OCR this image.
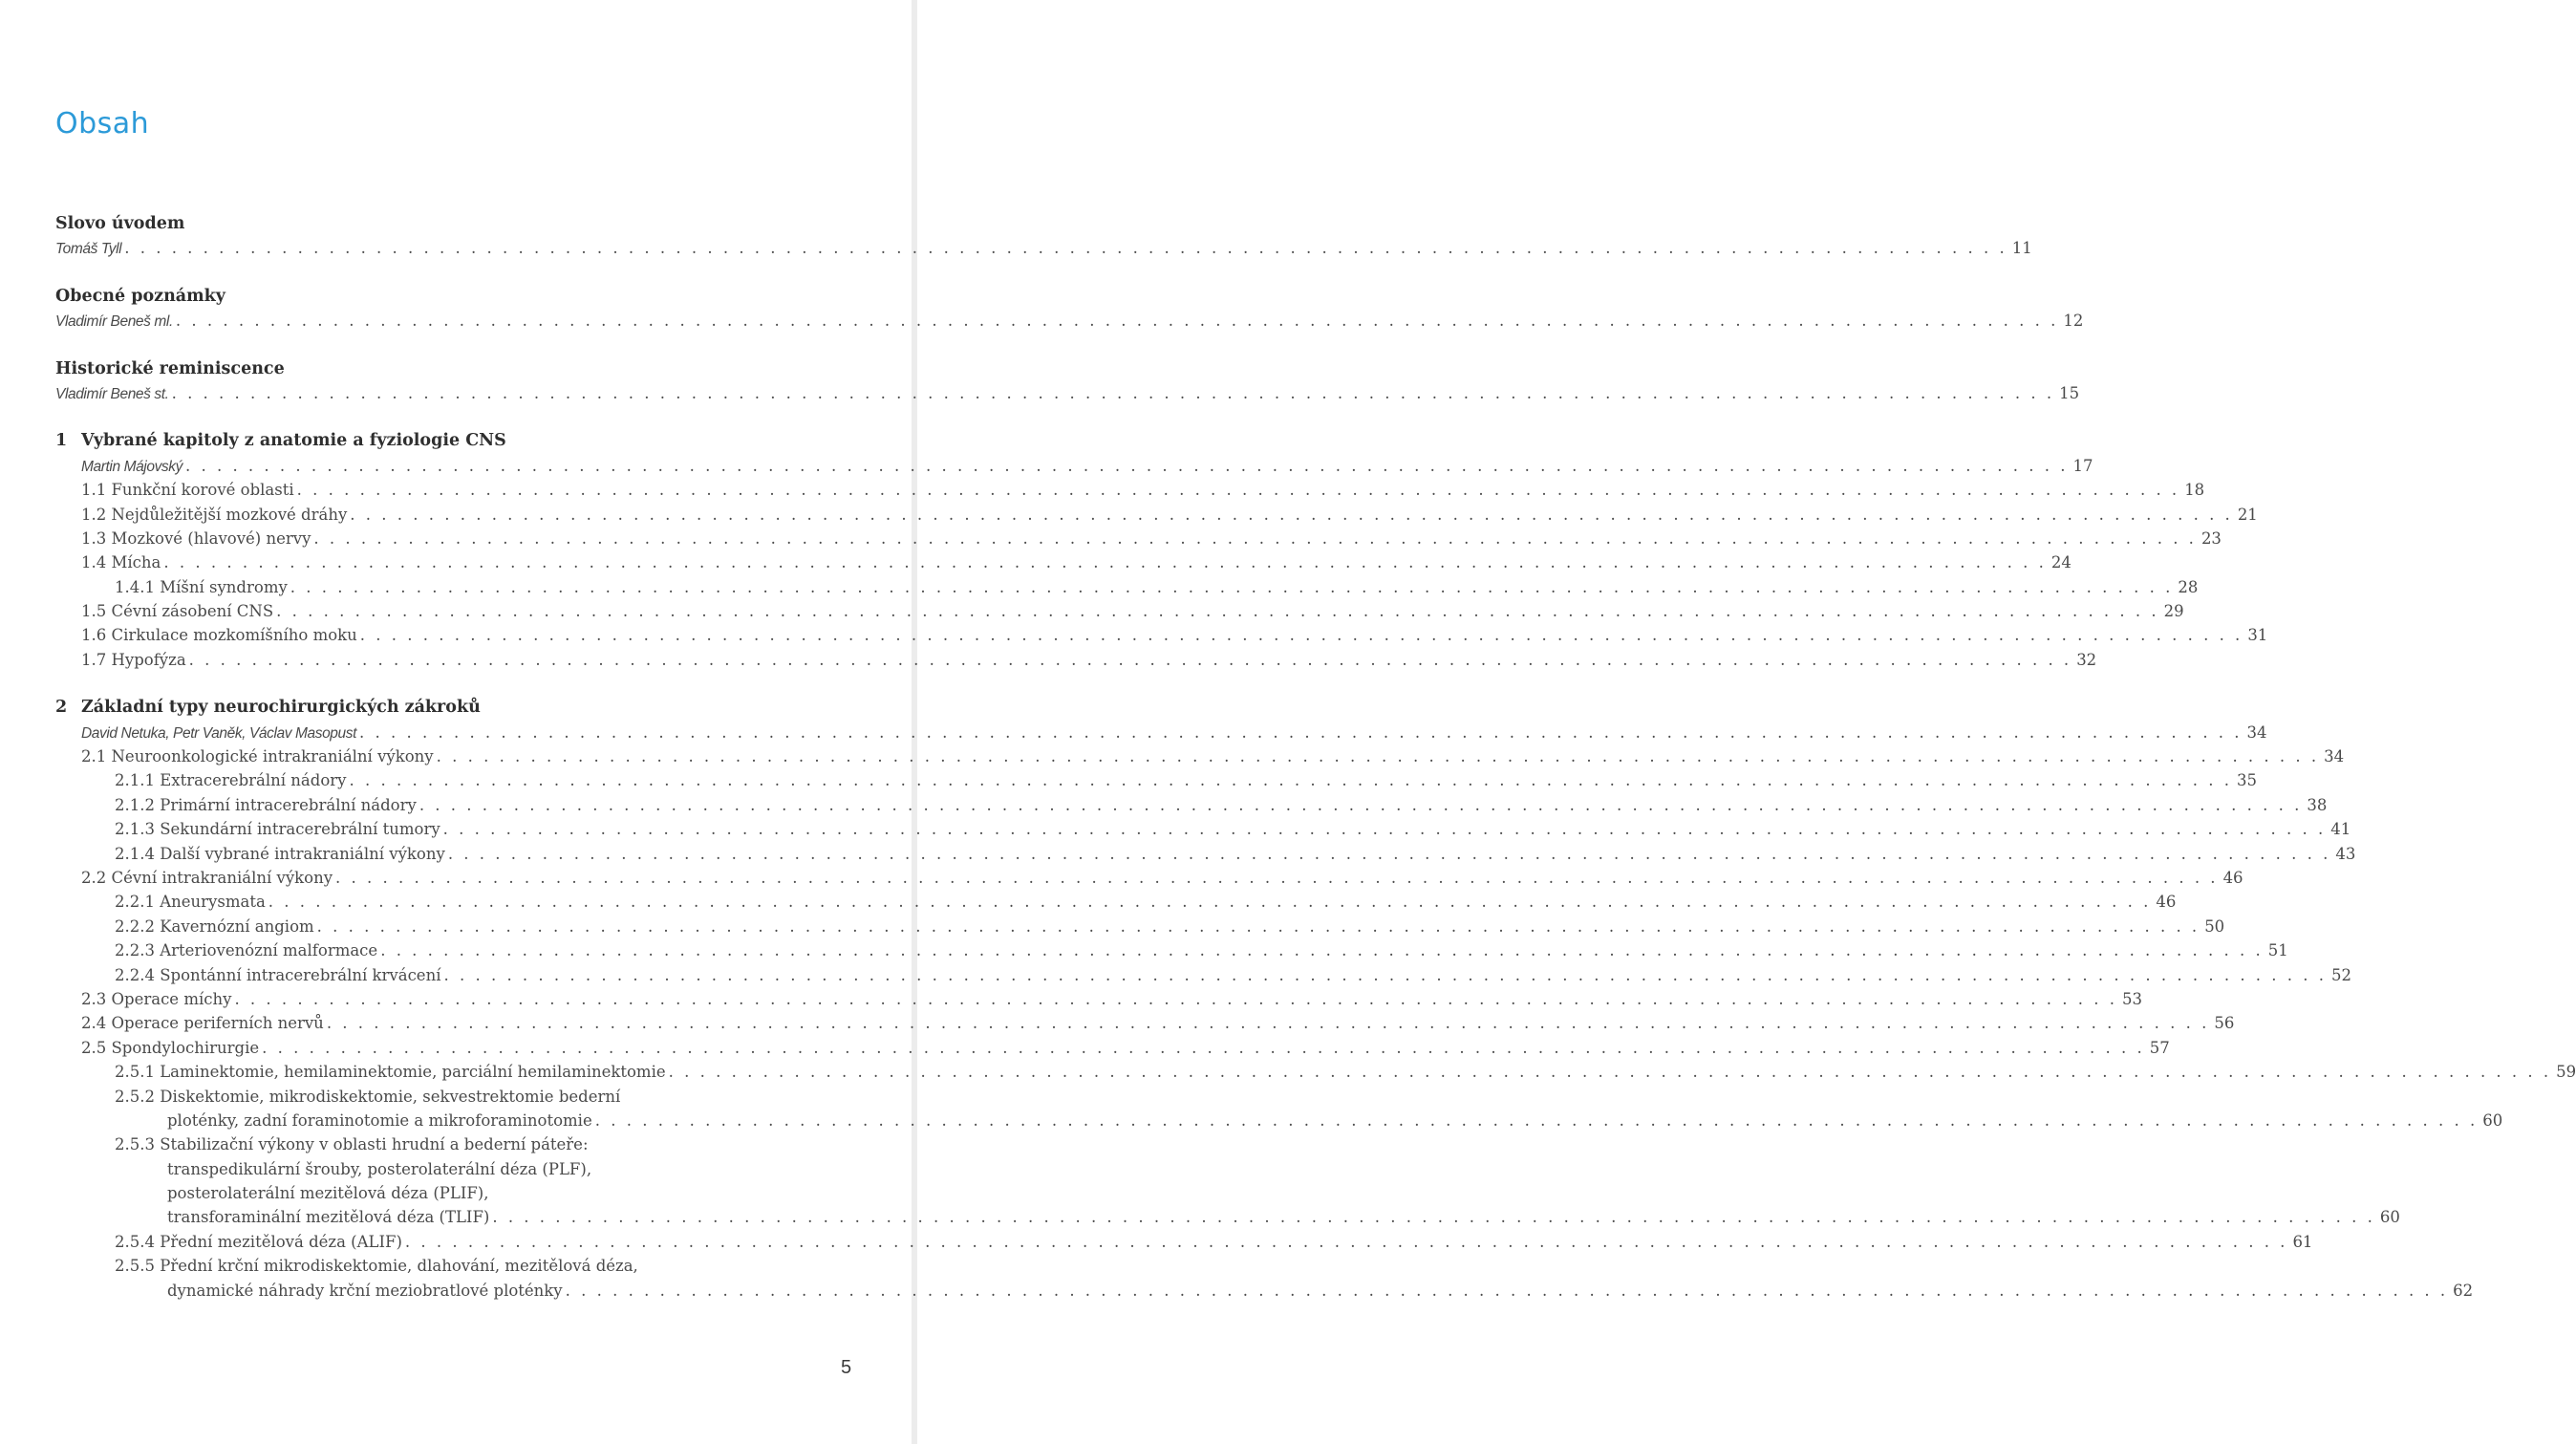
Obsah
Slovo úvodem
Tomáš Tyll . . . . . . . . . . . . . . . . . . . . . . . . . . . . . . . . . . . . . . . . . . . . . . . . . . . . . . . . . . . . . . . . . . . . . . . . . . . . . . . . . . . . . . . . . . . . . . . . . . . . . . . . . . . . . . . . . . . . . . . . 11
Obecné poznámky
Vladimír Beneš ml. . . . . . . . . . . . . . . . . . . . . . . . . . . . . . . . . . . . . . . . . . . . . . . . . . . . . . . . . . . . . . . . . . . . . . . . . . . . . . . . . . . . . . . . . . . . . . . . . . . . . . . . . . . . . . . . . . . . . . . . . 12
Historické reminiscence
Vladimír Beneš st. . . . . . . . . . . . . . . . . . . . . . . . . . . . . . . . . . . . . . . . . . . . . . . . . . . . . . . . . . . . . . . . . . . . . . . . . . . . . . . . . . . . . . . . . . . . . . . . . . . . . . . . . . . . . . . . . . . . . . . . . 15
1 Vybrané kapitoly z anatomie a fyziologie CNS
Martin Májovský . . . . . . . . . . . . . . . . . . . . . . . . . . . . . . . . . . . . . . . . . . . . . . . . . . . . . . . . . . . . . . . . . . . . . . . . . . . . . . . . . . . . . . . . . . . . . . . . . . . . . . . . . . . . . . . . . . . . . . . . 17
1.1 Funkční korové oblasti . . . . . . . . . . . . . . . . . . . . . . . . . . . . . . . . . . . . . . . . . . . . . . . . . . . . . . . . . . . . . . . . . . . . . . . . . . . . . . . . . . . . . . . . . . . . . . . . . . . . . . . . . . . . . . . . . . . . . . . . 18
1.2 Nejdůležitější mozkové dráhy . . . . . . . . . . . . . . . . . . . . . . . . . . . . . . . . . . . . . . . . . . . . . . . . . . . . . . . . . . . . . . . . . . . . . . . . . . . . . . . . . . . . . . . . . . . . . . . . . . . . . . . . . . . . . . . . . . . . . . . . 21
1.3 Mozkové (hlavové) nervy . . . . . . . . . . . . . . . . . . . . . . . . . . . . . . . . . . . . . . . . . . . . . . . . . . . . . . . . . . . . . . . . . . . . . . . . . . . . . . . . . . . . . . . . . . . . . . . . . . . . . . . . . . . . . . . . . . . . . . . . 23
1.4 Mícha . . . . . . . . . . . . . . . . . . . . . . . . . . . . . . . . . . . . . . . . . . . . . . . . . . . . . . . . . . . . . . . . . . . . . . . . . . . . . . . . . . . . . . . . . . . . . . . . . . . . . . . . . . . . . . . . . . . . . . . . 24
1.4.1 Míšní syndromy . . . . . . . . . . . . . . . . . . . . . . . . . . . . . . . . . . . . . . . . . . . . . . . . . . . . . . . . . . . . . . . . . . . . . . . . . . . . . . . . . . . . . . . . . . . . . . . . . . . . . . . . . . . . . . . . . . . . . . . . 28
1.5 Cévní zásobení CNS . . . . . . . . . . . . . . . . . . . . . . . . . . . . . . . . . . . . . . . . . . . . . . . . . . . . . . . . . . . . . . . . . . . . . . . . . . . . . . . . . . . . . . . . . . . . . . . . . . . . . . . . . . . . . . . . . . . . . . . . 29
1.6 Cirkulace mozkomíšního moku . . . . . . . . . . . . . . . . . . . . . . . . . . . . . . . . . . . . . . . . . . . . . . . . . . . . . . . . . . . . . . . . . . . . . . . . . . . . . . . . . . . . . . . . . . . . . . . . . . . . . . . . . . . . . . . . . . . . . . . . 31
1.7 Hypofýza . . . . . . . . . . . . . . . . . . . . . . . . . . . . . . . . . . . . . . . . . . . . . . . . . . . . . . . . . . . . . . . . . . . . . . . . . . . . . . . . . . . . . . . . . . . . . . . . . . . . . . . . . . . . . . . . . . . . . . . . 32
2 Základní typy neurochirurgických zákroků
David Netuka, Petr Vaněk, Václav Masopust . . . . . . . . . . . . . . . . . . . . . . . . . . . . . . . . . . . . . . . . . . . . . . . . . . . . . . . . . . . . . . . . . . . . . . . . . . . . . . . . . . . . . . . . . . . . . . . . . . . . . . . . . . . . . . . . . . . . . . . . 34
2.1 Neuroonkologické intrakraniální výkony . . . . . . . . . . . . . . . . . . . . . . . . . . . . . . . . . . . . . . . . . . . . . . . . . . . . . . . . . . . . . . . . . . . . . . . . . . . . . . . . . . . . . . . . . . . . . . . . . . . . . . . . . . . . . . . . . . . . . . . . 34
2.1.1 Extracerebrální nádory . . . . . . . . . . . . . . . . . . . . . . . . . . . . . . . . . . . . . . . . . . . . . . . . . . . . . . . . . . . . . . . . . . . . . . . . . . . . . . . . . . . . . . . . . . . . . . . . . . . . . . . . . . . . . . . . . . . . . . . . 35
2.1.2 Primární intracerebrální nádory . . . . . . . . . . . . . . . . . . . . . . . . . . . . . . . . . . . . . . . . . . . . . . . . . . . . . . . . . . . . . . . . . . . . . . . . . . . . . . . . . . . . . . . . . . . . . . . . . . . . . . . . . . . . . . . . . . . . . . . . 38
2.1.3 Sekundární intracerebrální tumory . . . . . . . . . . . . . . . . . . . . . . . . . . . . . . . . . . . . . . . . . . . . . . . . . . . . . . . . . . . . . . . . . . . . . . . . . . . . . . . . . . . . . . . . . . . . . . . . . . . . . . . . . . . . . . . . . . . . . . . . 41
2.1.4 Další vybrané intrakraniální výkony . . . . . . . . . . . . . . . . . . . . . . . . . . . . . . . . . . . . . . . . . . . . . . . . . . . . . . . . . . . . . . . . . . . . . . . . . . . . . . . . . . . . . . . . . . . . . . . . . . . . . . . . . . . . . . . . . . . . . . . . 43
2.2 Cévní intrakraniální výkony . . . . . . . . . . . . . . . . . . . . . . . . . . . . . . . . . . . . . . . . . . . . . . . . . . . . . . . . . . . . . . . . . . . . . . . . . . . . . . . . . . . . . . . . . . . . . . . . . . . . . . . . . . . . . . . . . . . . . . . . 46
2.2.1 Aneurysmata . . . . . . . . . . . . . . . . . . . . . . . . . . . . . . . . . . . . . . . . . . . . . . . . . . . . . . . . . . . . . . . . . . . . . . . . . . . . . . . . . . . . . . . . . . . . . . . . . . . . . . . . . . . . . . . . . . . . . . . . 46
2.2.2 Kavernózní angiom . . . . . . . . . . . . . . . . . . . . . . . . . . . . . . . . . . . . . . . . . . . . . . . . . . . . . . . . . . . . . . . . . . . . . . . . . . . . . . . . . . . . . . . . . . . . . . . . . . . . . . . . . . . . . . . . . . . . . . . . 50
2.2.3 Arteriovenózní malformace . . . . . . . . . . . . . . . . . . . . . . . . . . . . . . . . . . . . . . . . . . . . . . . . . . . . . . . . . . . . . . . . . . . . . . . . . . . . . . . . . . . . . . . . . . . . . . . . . . . . . . . . . . . . . . . . . . . . . . . . 51
2.2.4 Spontánní intracerebrální krvácení . . . . . . . . . . . . . . . . . . . . . . . . . . . . . . . . . . . . . . . . . . . . . . . . . . . . . . . . . . . . . . . . . . . . . . . . . . . . . . . . . . . . . . . . . . . . . . . . . . . . . . . . . . . . . . . . . . . . . . . . 52
2.3 Operace míchy . . . . . . . . . . . . . . . . . . . . . . . . . . . . . . . . . . . . . . . . . . . . . . . . . . . . . . . . . . . . . . . . . . . . . . . . . . . . . . . . . . . . . . . . . . . . . . . . . . . . . . . . . . . . . . . . . . . . . . . . 53
2.4 Operace periferních nervů . . . . . . . . . . . . . . . . . . . . . . . . . . . . . . . . . . . . . . . . . . . . . . . . . . . . . . . . . . . . . . . . . . . . . . . . . . . . . . . . . . . . . . . . . . . . . . . . . . . . . . . . . . . . . . . . . . . . . . . . 56
2.5 Spondylochirurgie . . . . . . . . . . . . . . . . . . . . . . . . . . . . . . . . . . . . . . . . . . . . . . . . . . . . . . . . . . . . . . . . . . . . . . . . . . . . . . . . . . . . . . . . . . . . . . . . . . . . . . . . . . . . . . . . . . . . . . . . 57
2.5.1 Laminektomie, hemilaminektomie, parciální hemilaminektomie . . . . . . . . . . . . . . . . . . . . . . . . . . . . . . . . . . . . . . . . . . . . . . . . . . . . . . . . . . . . . . . . . . . . . . . . . . . . . . . . . . . . . . . . . . . . . . . . . . . . . . . . . . . . . . . . . . . . . . . . 59
2.5.2 Diskektomie, mikrodiskektomie, sekvestrektomie bederní
ploténky, zadní foraminotomie a mikroforaminotomie . . . . . . . . . . . . . . . . . . . . . . . . . . . . . . . . . . . . . . . . . . . . . . . . . . . . . . . . . . . . . . . . . . . . . . . . . . . . . . . . . . . . . . . . . . . . . . . . . . . . . . . . . . . . . . . . . . . . . . . . 60
2.5.3 Stabilizační výkony v oblasti hrudní a bederní páteře:
transpedikulární šrouby, posterolaterální déza (PLF),
posterolaterální mezitělová déza (PLIF),
transforaminální mezitělová déza (TLIF) . . . . . . . . . . . . . . . . . . . . . . . . . . . . . . . . . . . . . . . . . . . . . . . . . . . . . . . . . . . . . . . . . . . . . . . . . . . . . . . . . . . . . . . . . . . . . . . . . . . . . . . . . . . . . . . . . . . . . . . . 60
2.5.4 Přední mezitělová déza (ALIF) . . . . . . . . . . . . . . . . . . . . . . . . . . . . . . . . . . . . . . . . . . . . . . . . . . . . . . . . . . . . . . . . . . . . . . . . . . . . . . . . . . . . . . . . . . . . . . . . . . . . . . . . . . . . . . . . . . . . . . . . 61
2.5.5 Přední krční mikrodiskektomie, dlahování, mezitělová déza,
dynamické náhrady krční meziobratlové ploténky . . . . . . . . . . . . . . . . . . . . . . . . . . . . . . . . . . . . . . . . . . . . . . . . . . . . . . . . . . . . . . . . . . . . . . . . . . . . . . . . . . . . . . . . . . . . . . . . . . . . . . . . . . . . . . . . . . . . . . . . 62
5
